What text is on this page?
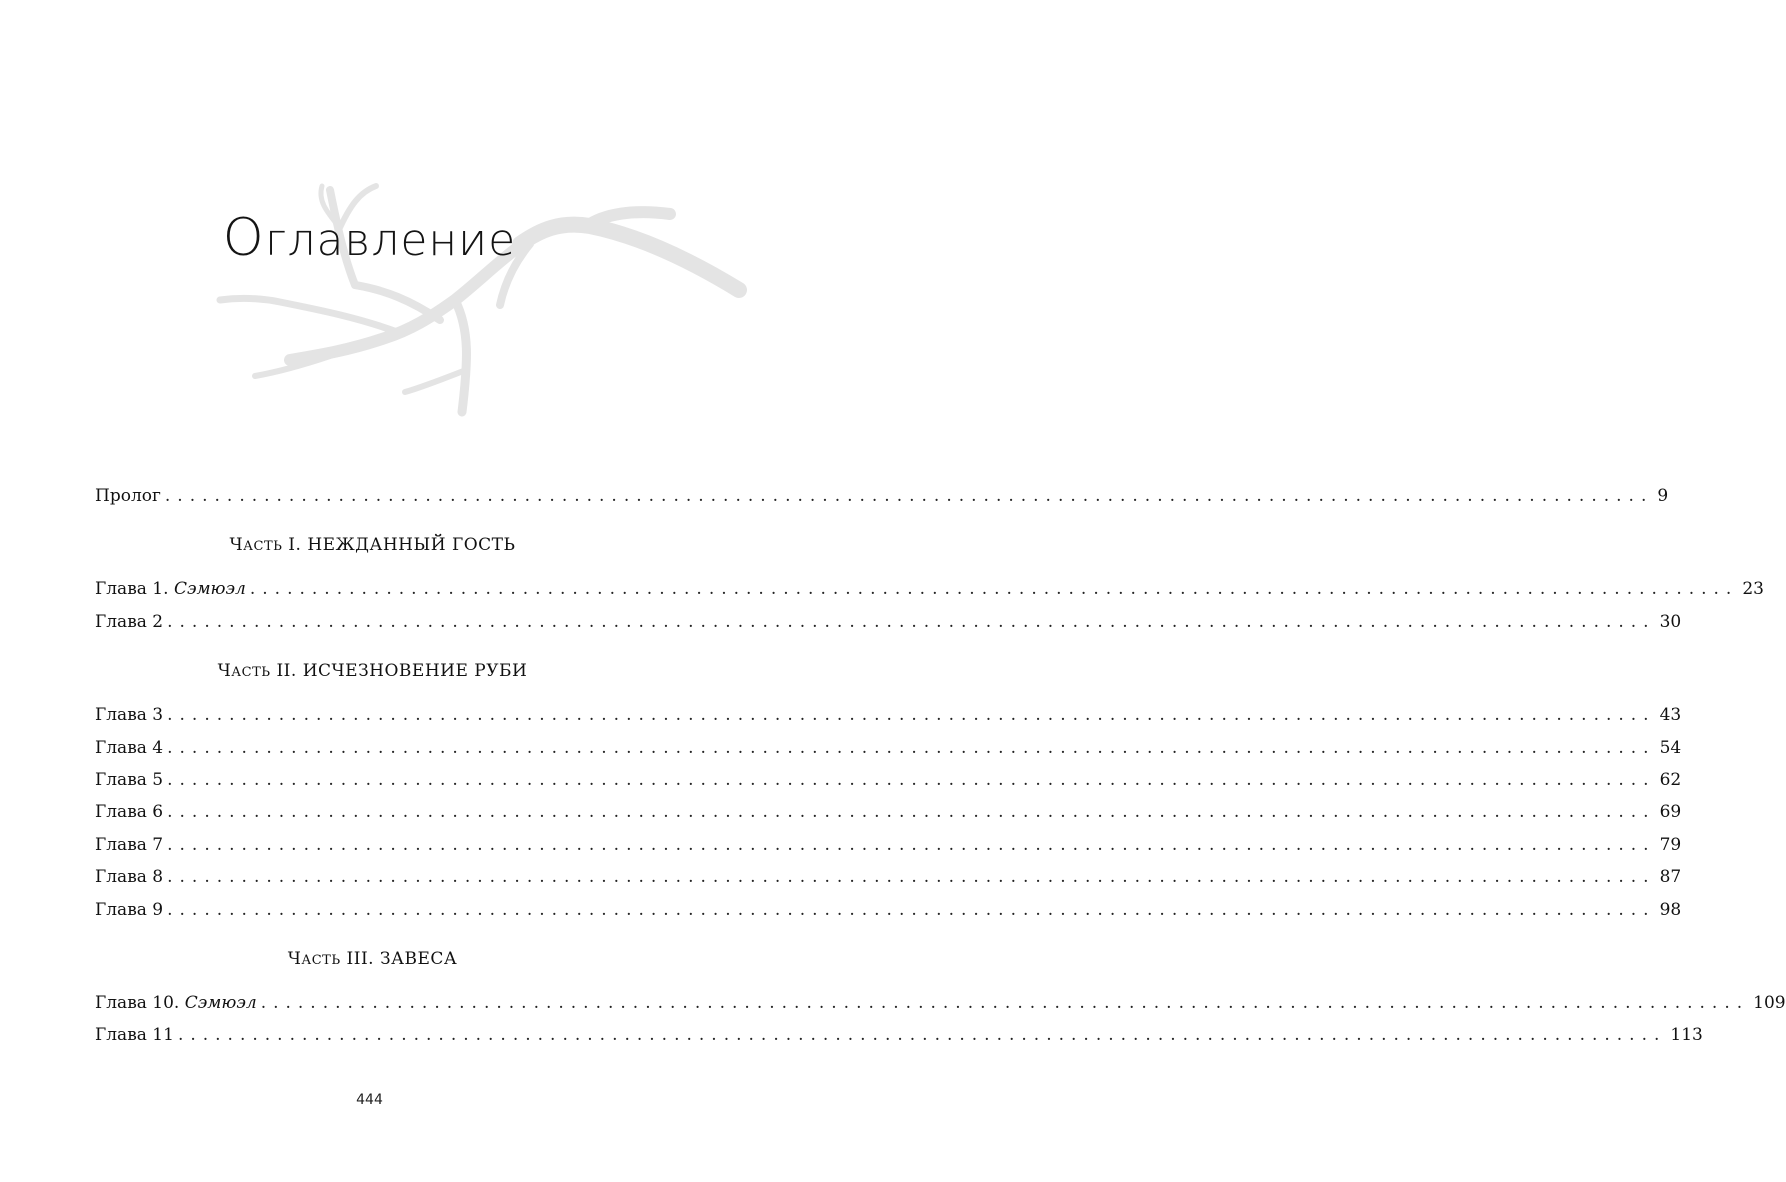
Оглавление
Пролог ........................................................................................................................ 9
ЧАСТЬ I. НЕЖДАННЫЙ ГОСТЬ
Глава 1. Сэмюэл ........................................................................................................................ 23
Глава 2 ........................................................................................................................ 30
ЧАСТЬ II. ИСЧЕЗНОВЕНИЕ РУБИ
Глава 3 ........................................................................................................................ 43
Глава 4 ........................................................................................................................ 54
Глава 5 ........................................................................................................................ 62
Глава 6 ........................................................................................................................ 69
Глава 7 ........................................................................................................................ 79
Глава 8 ........................................................................................................................ 87
Глава 9 ........................................................................................................................ 98
ЧАСТЬ III. ЗАВЕСА
Глава 10. Сэмюэл ........................................................................................................................ 109
Глава 11 ........................................................................................................................ 113
444
